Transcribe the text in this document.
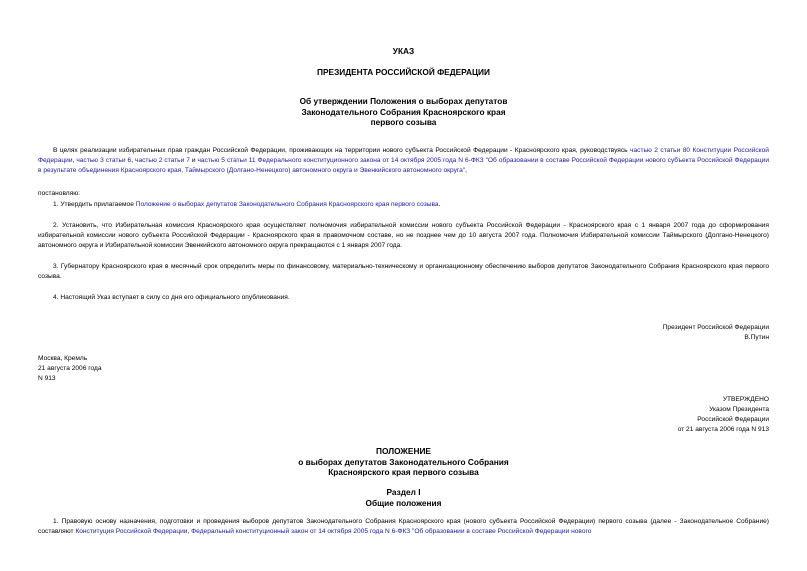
УКАЗ
ПРЕЗИДЕНТА РОССИЙСКОЙ ФЕДЕРАЦИИ
Об утверждении Положения о выборах депутатов
Законодательного Собрания Красноярского края
первого созыва

В целях реализации избирательных прав граждан Российской Федерации, проживающих на территории нового субъекта Российской Федерации - Красноярского края, руководствуясь частью 2 статьи 80 Конституции Российской Федерации, частью 3 статьи 6, частью 2 статьи 7 и частью 5 статьи 11 Федерального конституционного закона от 14 октября 2005 года N 6-ФКЗ "Об образовании в составе Российской Федерации нового субъекта Российской Федерации в результате объединения Красноярского края, Таймырского (Долгано-Ненецкого) автономного округа и Эвенкийского автономного округа",

постановляю:

1. Утвердить прилагаемое Положение о выборах депутатов Законодательного Собрания Красноярского края первого созыва.

2. Установить, что Избирательная комиссия Красноярского края осуществляет полномочия избирательной комиссии нового субъекта Российской Федерации - Красноярского края с 1 января 2007 года до сформирования избирательной комиссии нового субъекта Российской Федерации - Красноярского края в правомочном составе, но не позднее чем до 10 августа 2007 года. Полномочия Избирательной комиссии Таймырского (Долгано-Ненецкого) автономного округа и Избирательной комиссии Эвенкийского автономного округа прекращаются с 1 января 2007 года.

3. Губернатору Красноярского края в месячный срок определить меры по финансовому, материально-техническому и организационному обеспечению выборов депутатов Законодательного Собрания Красноярского края первого созыва.

4. Настоящий Указ вступает в силу со дня его официального опубликования.

Президент Российской Федерации
В.Путин
Москва, Кремль
21 августа 2006 года
N 913
УТВЕРЖДЕНО
Указом Президента
Российской Федерации
от 21 августа 2006 года N 913
ПОЛОЖЕНИЕ
о выборах депутатов Законодательного Собрания
Красноярского края первого созыва
Раздел I
Общие положения

1. Правовую основу назначения, подготовки и проведения выборов депутатов Законодательного Собрания Красноярского края (нового субъекта Российской Федерации) первого созыва (далее - Законодательное Собрание) составляют Конституция Российской Федерации, Федеральный конституционный закон от 14 октября 2005 года N 6-ФКЗ "Об образовании в составе Российской Федерации нового
